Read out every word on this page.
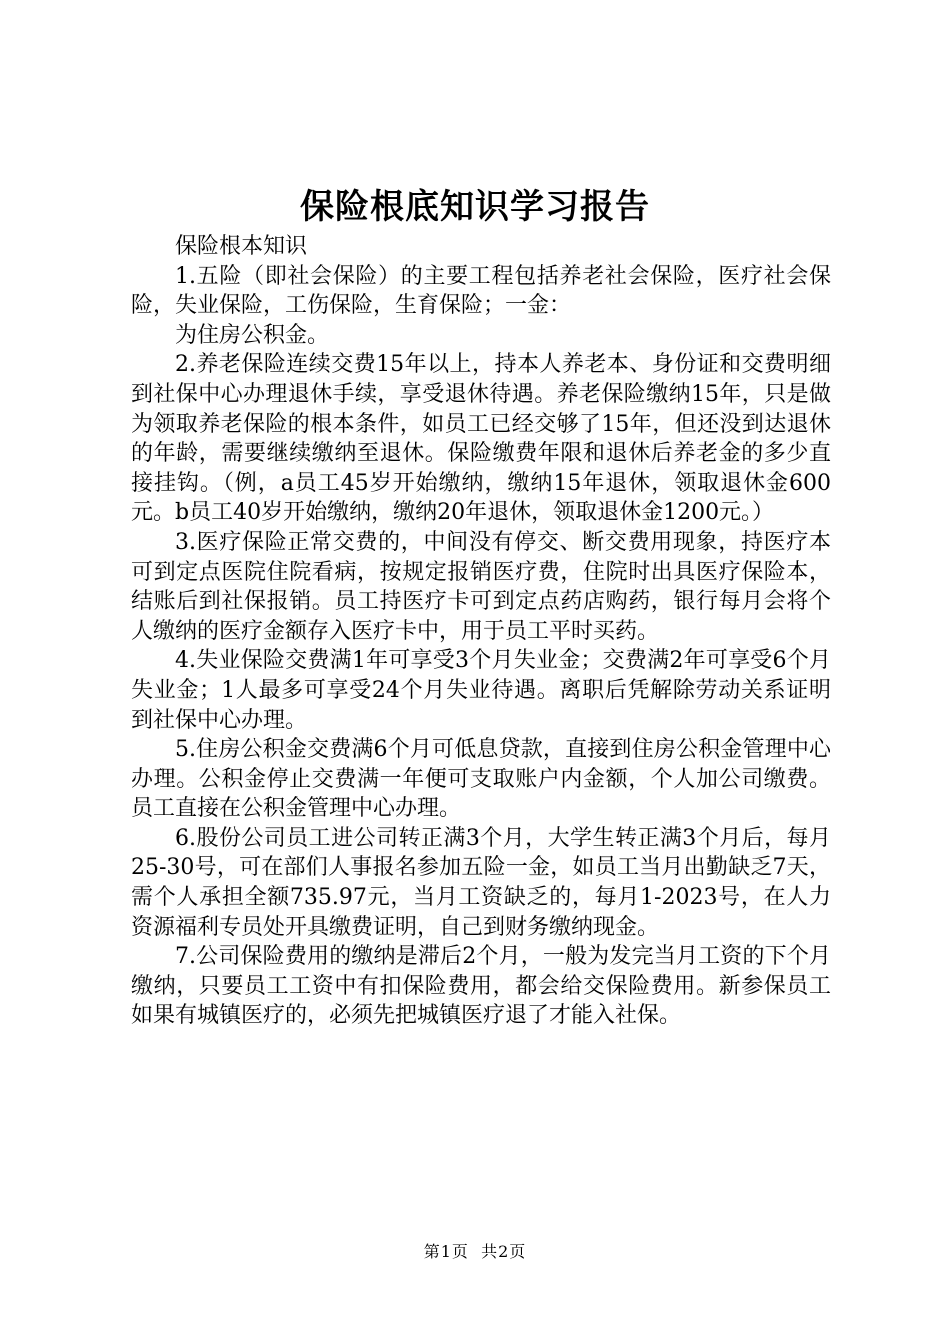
保险根底知识学习报告

保险根本知识

1.五险（即社会保险）的主要工程包括养老社会保险，医疗社会保险，失业保险，工伤保险，生育保险；一金：

为住房公积金。

2.养老保险连续交费15年以上，持本人养老本、身份证和交费明细到社保中心办理退休手续，享受退休待遇。养老保险缴纳15年，只是做为领取养老保险的根本条件，如员工已经交够了15年，但还没到达退休的年龄，需要继续缴纳至退休。保险缴费年限和退休后养老金的多少直接挂钩。（例，a员工45岁开始缴纳，缴纳15年退休，领取退休金600元。b员工40岁开始缴纳，缴纳20年退休，领取退休金1200元。）

3.医疗保险正常交费的，中间没有停交、断交费用现象，持医疗本可到定点医院住院看病，按规定报销医疗费，住院时出具医疗保险本，结账后到社保报销。员工持医疗卡可到定点药店购药，银行每月会将个人缴纳的医疗金额存入医疗卡中，用于员工平时买药。

4.失业保险交费满1年可享受3个月失业金；交费满2年可享受6个月失业金；1人最多可享受24个月失业待遇。离职后凭解除劳动关系证明到社保中心办理。

5.住房公积金交费满6个月可低息贷款，直接到住房公积金管理中心办理。公积金停止交费满一年便可支取账户内金额，个人加公司缴费。员工直接在公积金管理中心办理。

6.股份公司员工进公司转正满3个月，大学生转正满3个月后，每月25-30号，可在部们人事报名参加五险一金，如员工当月出勤缺乏7天，需个人承担全额735.97元，当月工资缺乏的，每月1-2023号，在人力资源福利专员处开具缴费证明，自己到财务缴纳现金。

7.公司保险费用的缴纳是滞后2个月，一般为发完当月工资的下个月缴纳，只要员工工资中有扣保险费用，都会给交保险费用。新参保员工如果有城镇医疗的，必须先把城镇医疗退了才能入社保。

第1页 共2页
